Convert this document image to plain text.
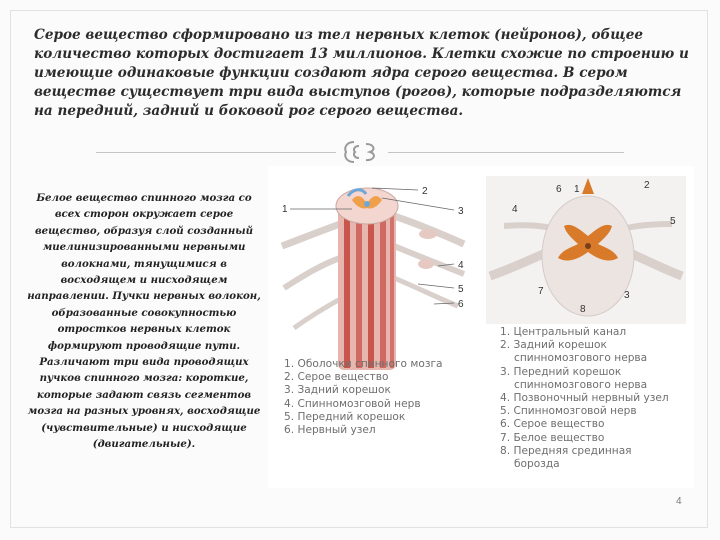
Серое вещество сформировано из тел нервных клеток (нейронов), общее количество которых достигает 13 миллионов. Клетки схожие по строению и имеющие одинаковые функции создают ядра серого вещества. В сером веществе существует три вида выступов (рогов), которые подразделяются на передний, задний и боковой рог серого вещества.

Белое вещество спинного мозга со всех сторон окружает серое вещество, образуя слой созданный миелинизированными нервными волокнами, тянущимися в восходящем и нисходящем направлении. Пучки нервных волокон, образованные совокупностью отростков нервных клеток формируют проводящие пути. Различают три вида проводящих пучков спинного мозга: короткие, которые задают связь сегментов мозга на разных уровнях, восходящие (чувствительные) и нисходящие (двигательные).

1
2
3
4
5
6
6 1
4
5
7
8
3
2
1. Оболочки спинного мозга
2. Серое вещество
3. Задний корешок
4. Спинномозговой нерв
5. Передний корешок
6. Нервный узел
1. Центральный канал
2. Задний корешок
спинномозгового нерва
3. Передний корешок
спинномозгового нерва
4. Позвоночный нервный узел
5. Спинномозговой нерв
6. Серое вещество
7. Белое вещество
8. Передняя срединная
борозда
4
